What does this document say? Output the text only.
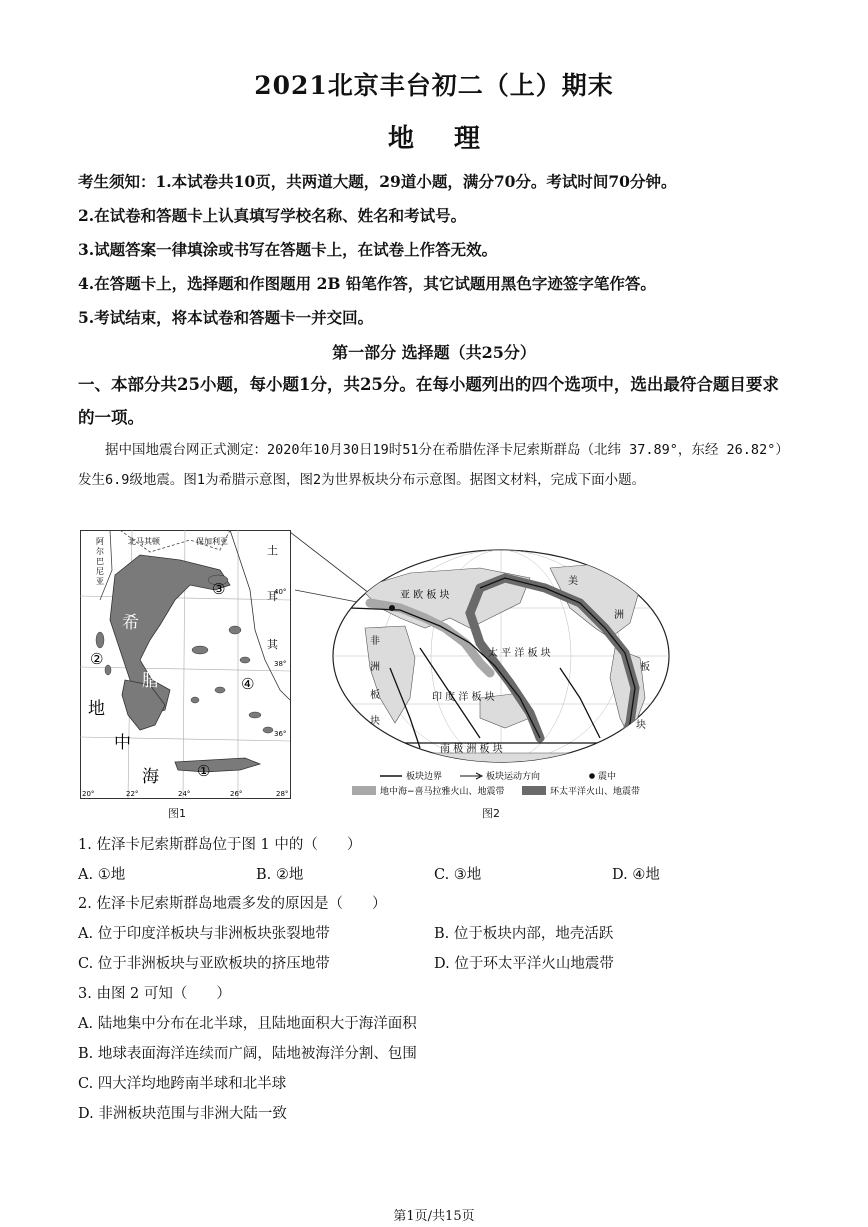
2021北京丰台初二（上）期末
地理
考生须知：1.本试卷共10页，共两道大题，29道小题，满分70分。考试时间70分钟。
2.在试卷和答题卡上认真填写学校名称、姓名和考试号。
3.试题答案一律填涂或书写在答题卡上，在试卷上作答无效。
4.在答题卡上，选择题和作图题用 2B 铅笔作答，其它试题用黑色字迹签字笔作答。
5.考试结束，将本试卷和答题卡一并交回。
第一部分 选择题（共25分）
一、本部分共25小题，每小题1分，共25分。在每小题列出的四个选项中，选出最符合题目要求的一项。
据中国地震台网正式测定：2020年10月30日19时51分在希腊佐泽卡尼索斯群岛（北纬 37.89°，东经 26.82°）发生6.9级地震。图1为希腊示意图，图2为世界板块分布示意图。据图文材料，完成下面小题。
阿
尔
巴
尼
亚
北马其顿	保加利亚
土
耳
其
希
腊
地
中
海
③
②
④
①
40°
38°
36°
20°	22°	24°	26°	28°
图1
亚 欧 板 块
太 平 洋 板 块
印 度 洋 板 块
南 极 洲 板 块
非
洲
板
块
美
洲
板
块
板块边界	板块运动方向	震中
地中海−喜马拉雅火山、地震带	环太平洋火山、地震带
图2
1. 佐泽卡尼索斯群岛位于图 1 中的（　　）
A. ①地	B. ②地	C. ③地	D. ④地
2. 佐泽卡尼索斯群岛地震多发的原因是（　　）
A. 位于印度洋板块与非洲板块张裂地带	B. 位于板块内部，地壳活跃
C. 位于非洲板块与亚欧板块的挤压地带	D. 位于环太平洋火山地震带
3. 由图 2 可知（　　）
A. 陆地集中分布在北半球，且陆地面积大于海洋面积
B. 地球表面海洋连续而广阔，陆地被海洋分割、包围
C. 四大洋均地跨南半球和北半球
D. 非洲板块范围与非洲大陆一致
第1页/共15页
